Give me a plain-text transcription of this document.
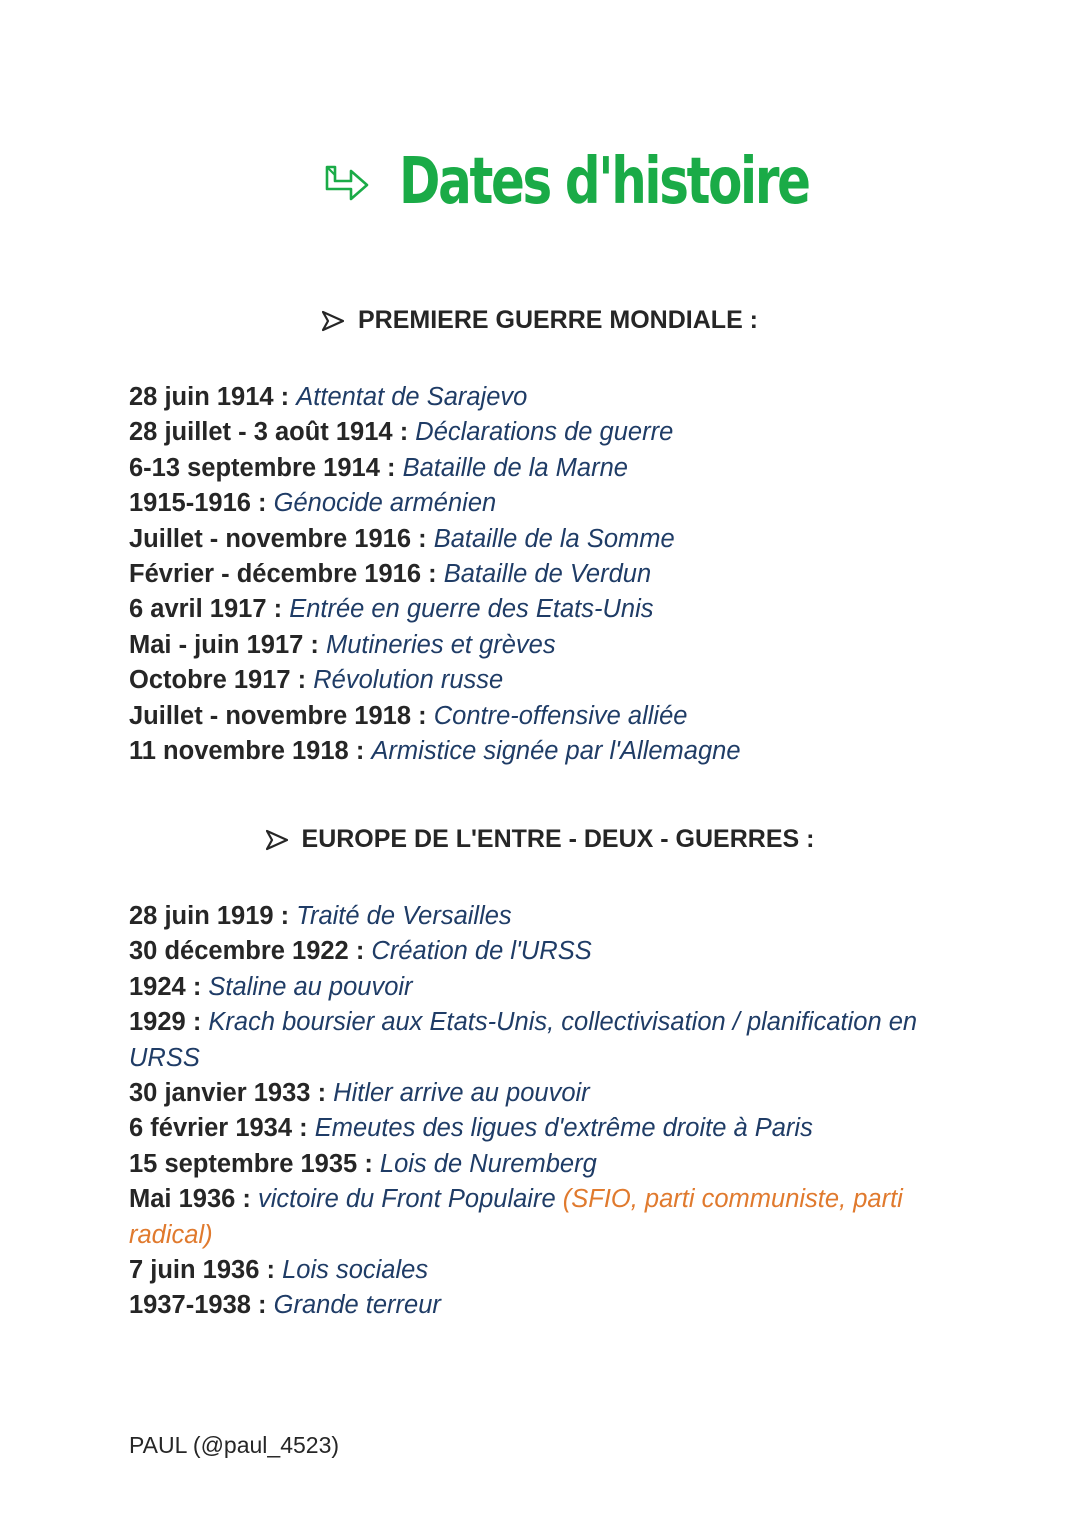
Dates d'histoire
PREMIERE GUERRE MONDIALE :

28 juin 1914 : Attentat de Sarajevo

28 juillet - 3 août 1914 : Déclarations de guerre

6-13 septembre 1914 : Bataille de la Marne

1915-1916 : Génocide arménien

Juillet - novembre 1916 : Bataille de la Somme

Février - décembre 1916 : Bataille de Verdun

6 avril 1917 : Entrée en guerre des Etats-Unis

Mai - juin 1917 : Mutineries et grèves

Octobre 1917 : Révolution russe

Juillet - novembre 1918 : Contre-offensive alliée

11 novembre 1918 : Armistice signée par l'Allemagne

EUROPE DE L'ENTRE - DEUX - GUERRES :

28 juin 1919 : Traité de Versailles

30 décembre 1922 : Création de l'URSS

1924 : Staline au pouvoir

1929 : Krach boursier aux Etats-Unis, collectivisation / planification en URSS

30 janvier 1933 : Hitler arrive au pouvoir

6 février 1934 : Emeutes des ligues d'extrême droite à Paris

15 septembre 1935 : Lois de Nuremberg

Mai 1936 : victoire du Front Populaire (SFIO, parti communiste, parti radical)

7 juin 1936 : Lois sociales

1937-1938 : Grande terreur

PAUL (@paul_4523)
